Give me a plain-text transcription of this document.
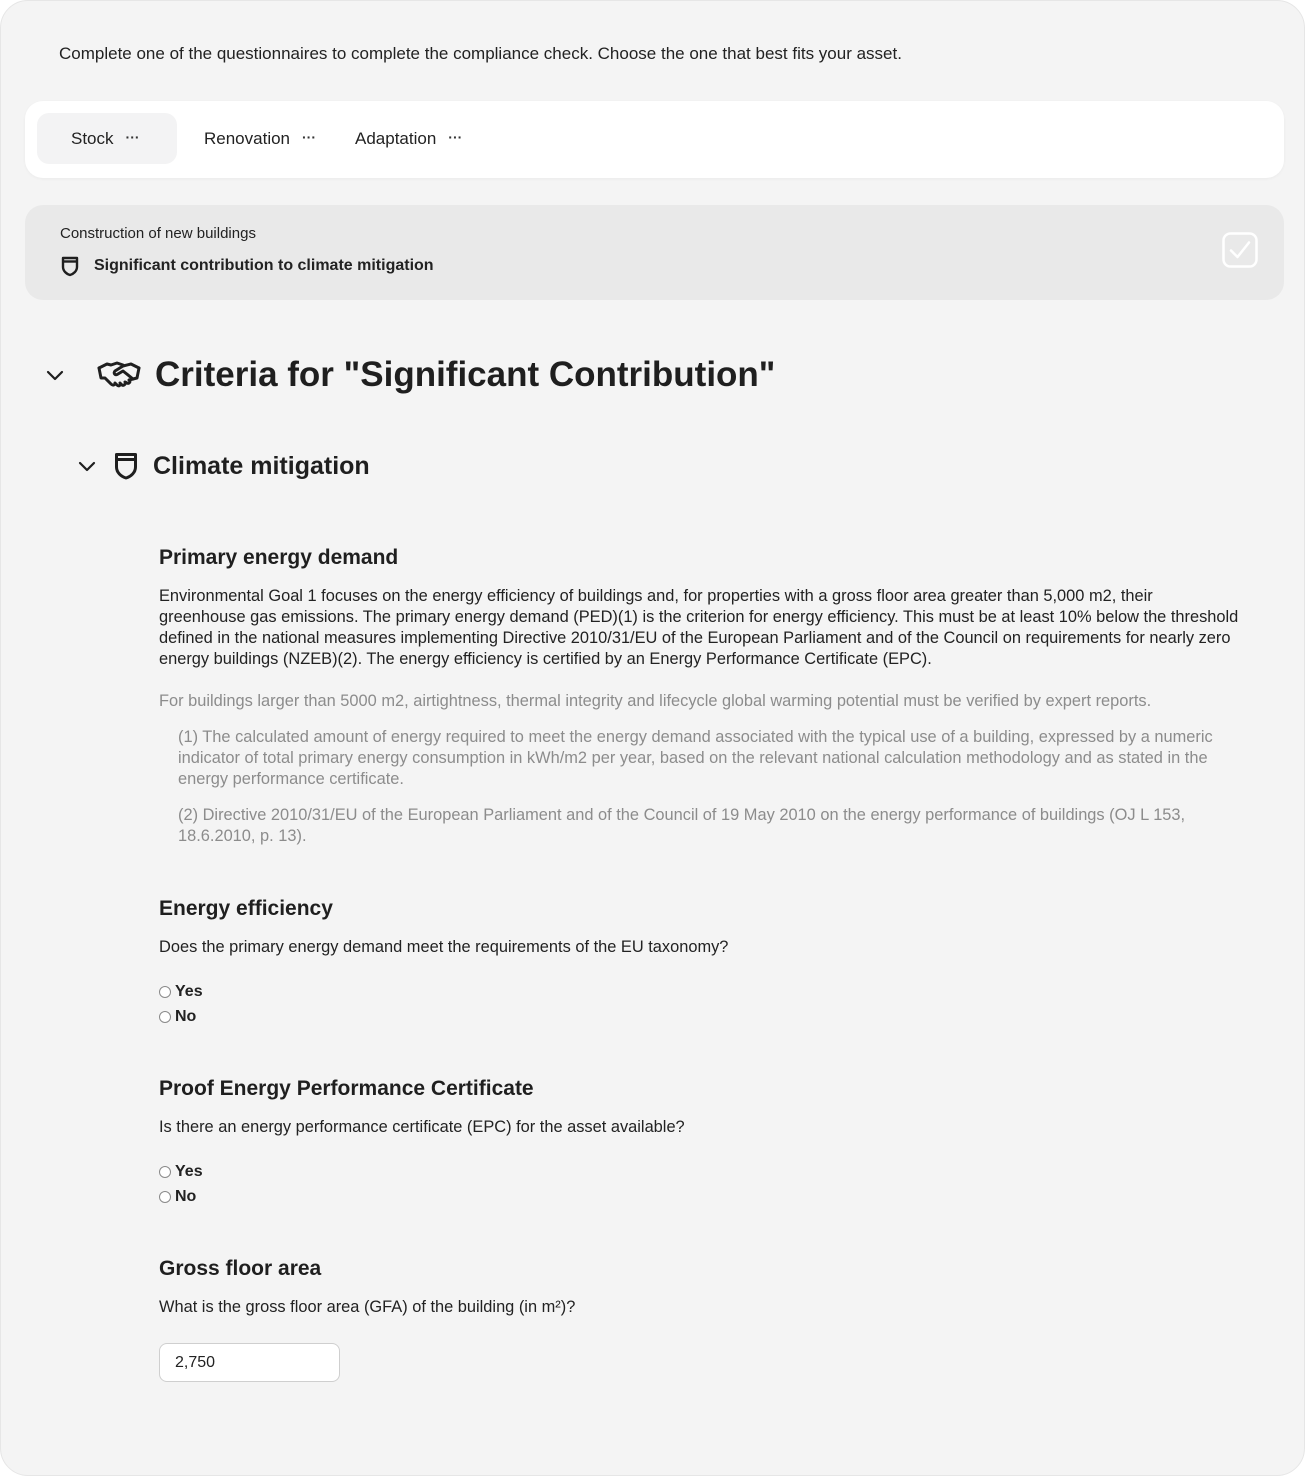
Complete one of the questionnaires to complete the compliance check. Choose the one that best fits your asset.
Stock ···	Renovation ··· Adaptation ···
Construction of new buildings
Significant contribution to climate mitigation
Criteria for "Significant Contribution"
Climate mitigation
Primary energy demand

Environmental Goal 1 focuses on the energy efficiency of buildings and, for properties with a gross floor area greater than 5,000 m2, their greenhouse gas emissions. The primary energy demand (PED)(1) is the criterion for energy efficiency. This must be at least 10% below the threshold defined in the national measures implementing Directive 2010/31/EU of the European Parliament and of the Council on requirements for nearly zero energy buildings (NZEB)(2). The energy efficiency is certified by an Energy Performance Certificate (EPC).

For buildings larger than 5000 m2, airtightness, thermal integrity and lifecycle global warming potential must be verified by expert reports.

(1) The calculated amount of energy required to meet the energy demand associated with the typical use of a building, expressed by a numeric indicator of total primary energy consumption in kWh/m2 per year, based on the relevant national calculation methodology and as stated in the energy performance certificate.

(2) Directive 2010/31/EU of the European Parliament and of the Council of 19 May 2010 on the energy performance of buildings (OJ L 153, 18.6.2010, p. 13).

Energy efficiency

Does the primary energy demand meet the requirements of the EU taxonomy?

Yes
No
Proof Energy Performance Certificate

Is there an energy performance certificate (EPC) for the asset available?

Yes
No
Gross floor area

What is the gross floor area (GFA) of the building (in m²)?

2,750
